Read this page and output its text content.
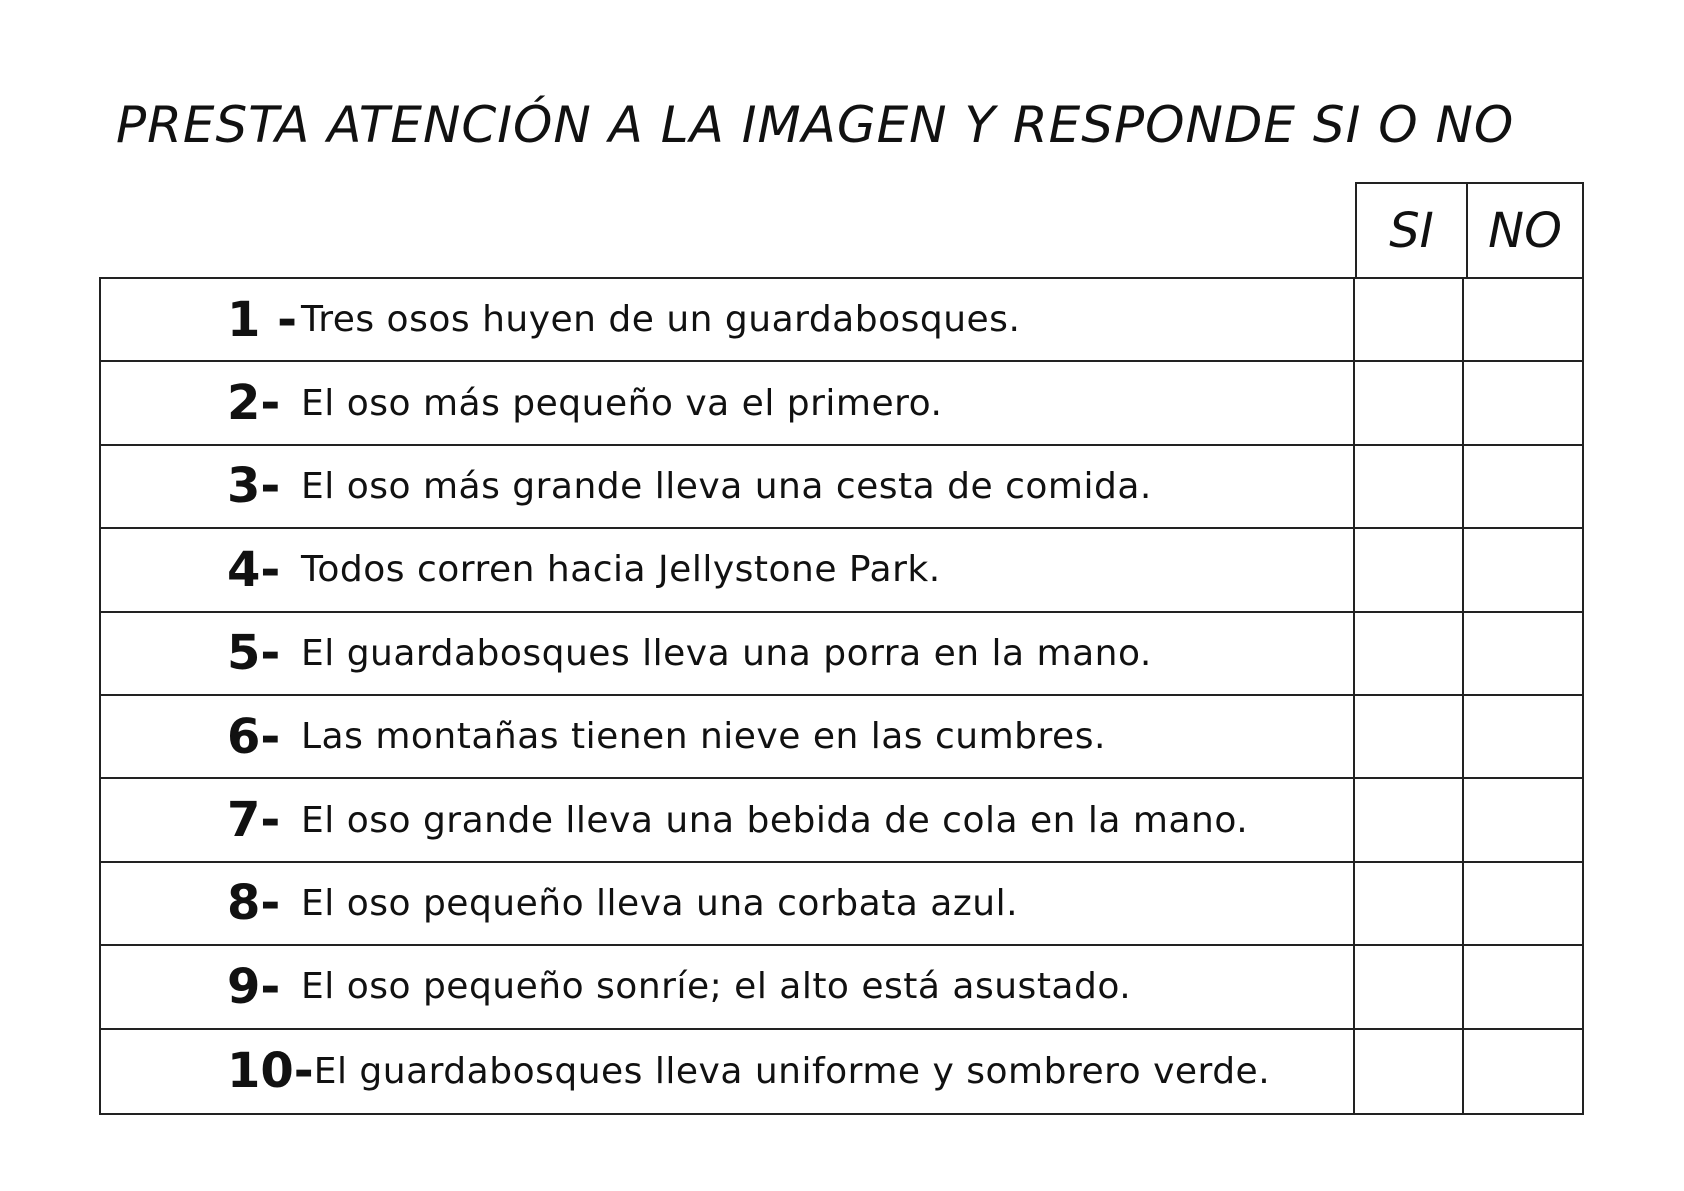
PRESTA ATENCIÓN A LA IMAGEN Y RESPONDE SI O NO
SI	NO
1 - Tres osos huyen de un guardabosques.
2- El oso más pequeño va el primero.
3- El oso más grande lleva una cesta de comida.
4- Todos corren hacia Jellystone Park.
5- El guardabosques lleva una porra en la mano.
6- Las montañas tienen nieve en las cumbres.
7- El oso grande lleva una bebida de cola en la mano.
8- El oso pequeño lleva una corbata azul.
9- El oso pequeño sonríe; el alto está asustado.
10- El guardabosques lleva uniforme y sombrero verde.
